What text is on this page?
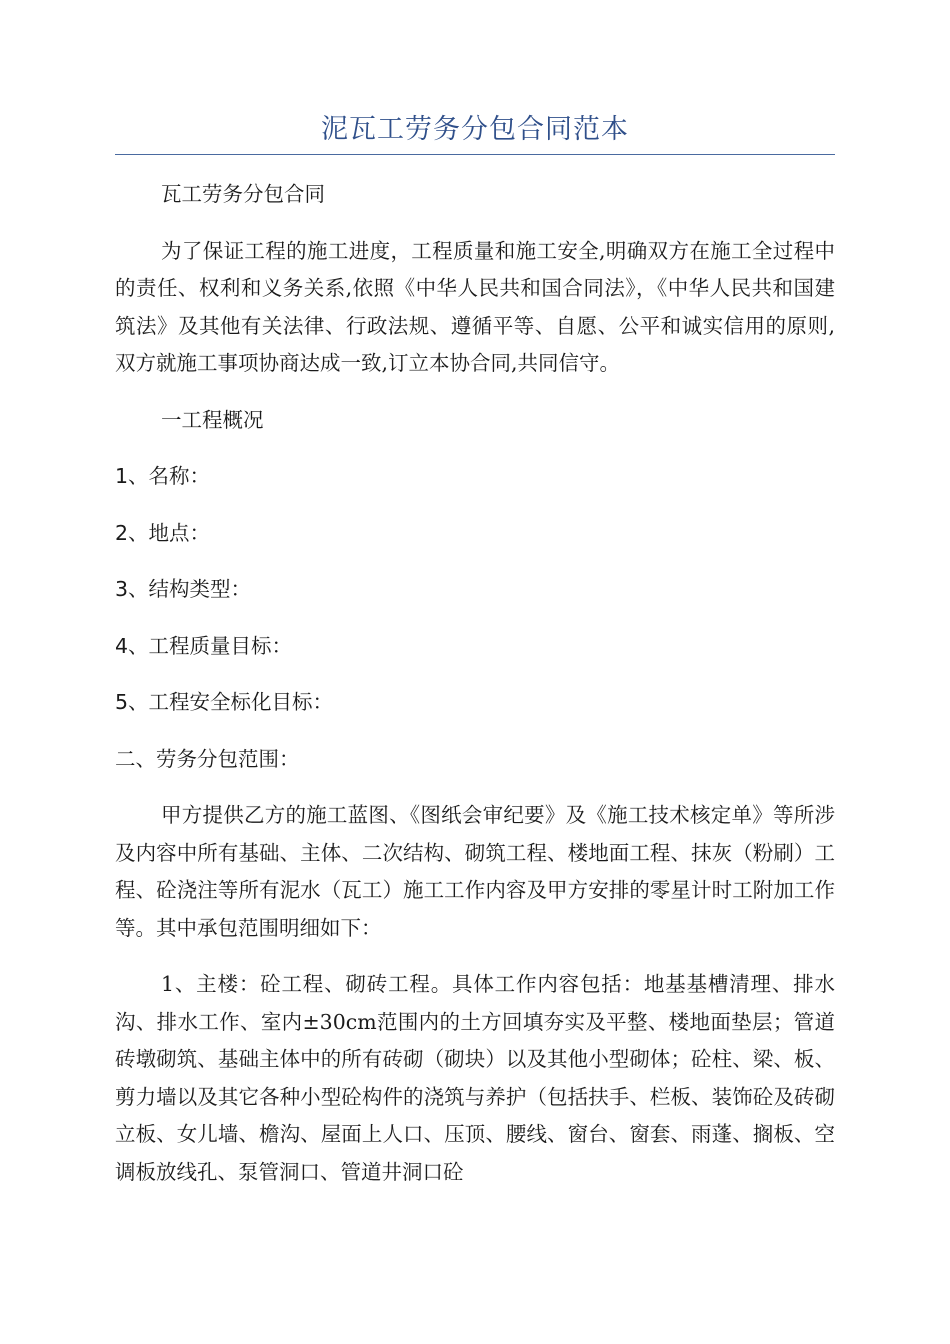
泥瓦工劳务分包合同范本

瓦工劳务分包合同

为了保证工程的施工进度，工程质量和施工安全,明确双方在施工全过程中的责任、权利和义务关系,依照《中华人民共和国合同法》，《中华人民共和国建筑法》及其他有关法律、行政法规、遵循平等、自愿、公平和诚实信用的原则,双方就施工事项协商达成一致,订立本协合同,共同信守。

一工程概况

1、名称：

2、地点：

3、结构类型：

4、工程质量目标：

5、工程安全标化目标：

二、劳务分包范围：

甲方提供乙方的施工蓝图、《图纸会审纪要》及《施工技术核定单》等所涉及内容中所有基础、主体、二次结构、砌筑工程、楼地面工程、抹灰（粉刷）工程、砼浇注等所有泥水（瓦工）施工工作内容及甲方安排的零星计时工附加工作等。其中承包范围明细如下：

1、主楼：砼工程、砌砖工程。具体工作内容包括：地基基槽清理、排水沟、排水工作、室内±30cm范围内的土方回填夯实及平整、楼地面垫层；管道砖墩砌筑、基础主体中的所有砖砌（砌块）以及其他小型砌体；砼柱、梁、板、剪力墙以及其它各种小型砼构件的浇筑与养护（包括扶手、栏板、装饰砼及砖砌立板、女儿墙、檐沟、屋面上人口、压顶、腰线、窗台、窗套、雨蓬、搁板、空调板放线孔、泵管洞口、管道井洞口砼
